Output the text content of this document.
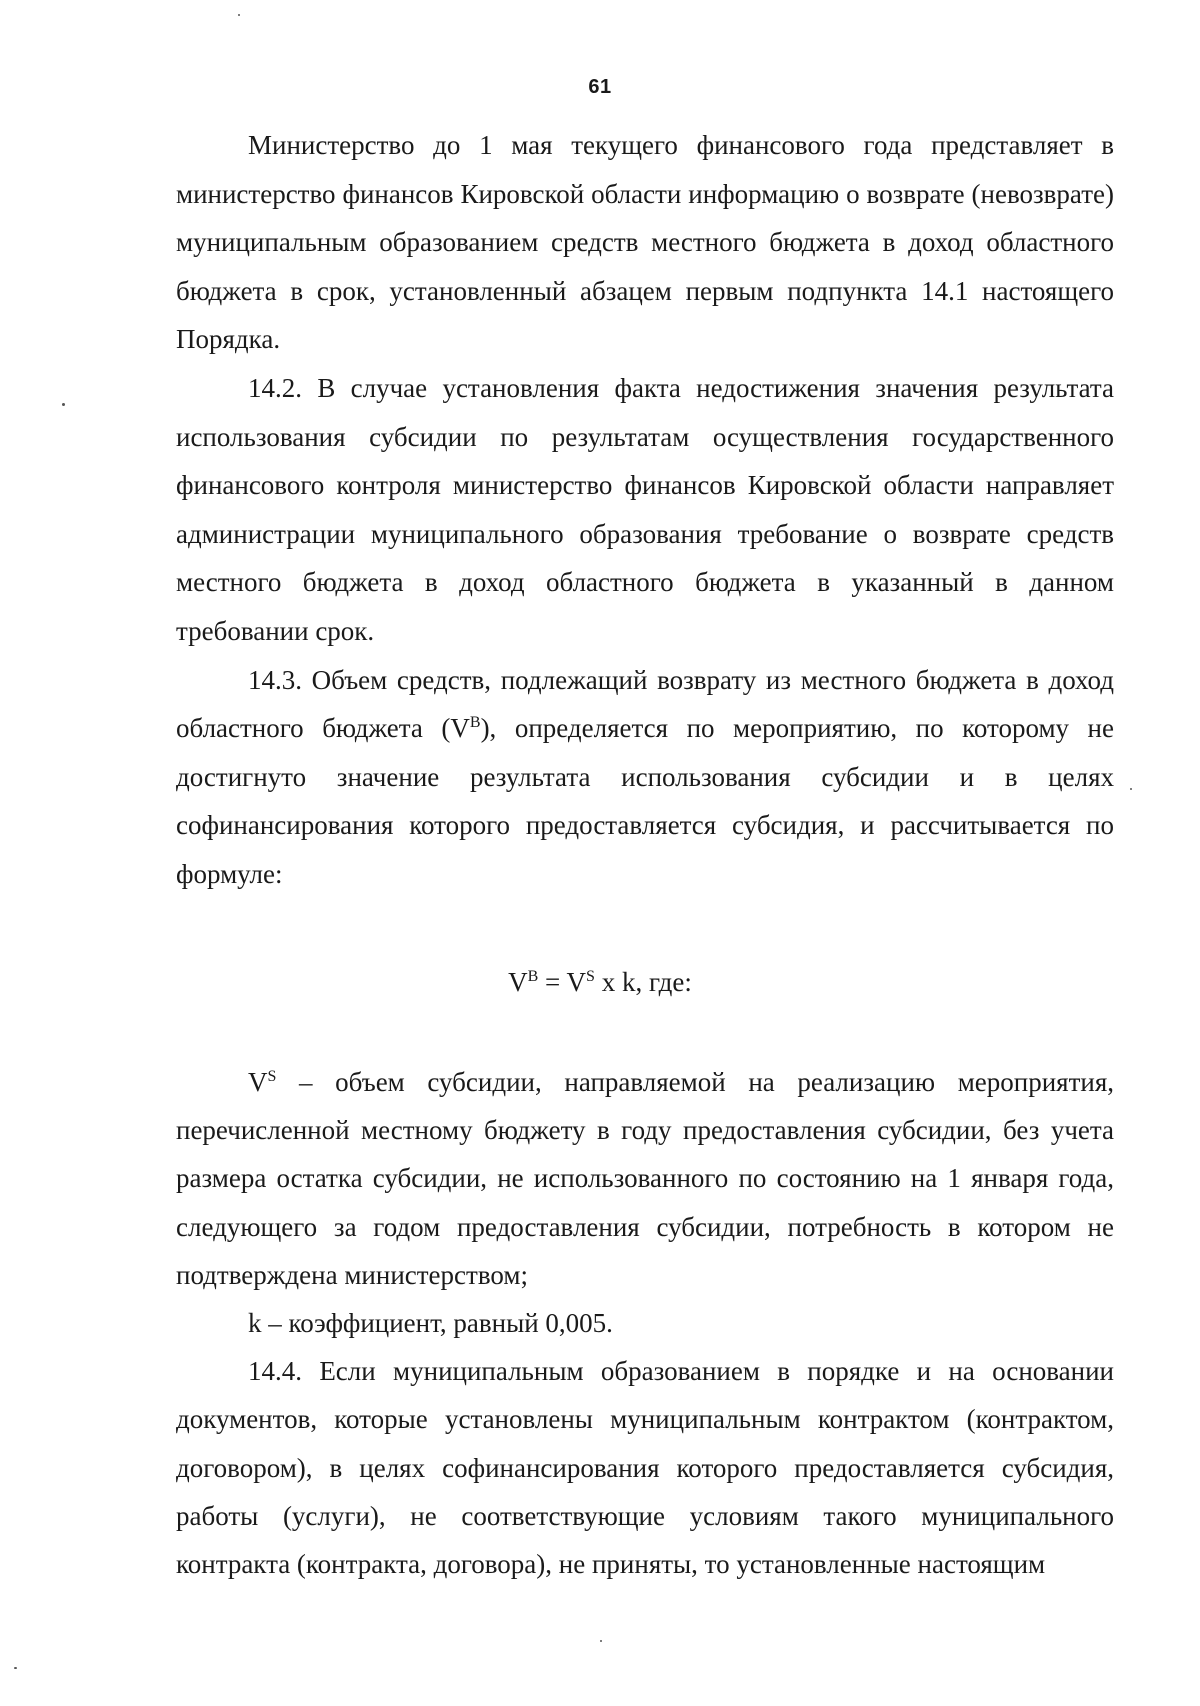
61

Министерство до 1 мая текущего финансового года представляет в министерство финансов Кировской области информацию о возврате (невозврате) муниципальным образованием средств местного бюджета в доход областного бюджета в срок, установленный абзацем первым подпункта 14.1 настоящего Порядка.

14.2. В случае установления факта недостижения значения результата использования субсидии по результатам осуществления государственного финансового контроля министерство финансов Кировской области направляет администрации муниципального образования требование о возврате средств местного бюджета в доход областного бюджета в указанный в данном требовании срок.

14.3. Объем средств, подлежащий возврату из местного бюджета в доход областного бюджета $(V^B)$, определяется по мероприятию, по которому не достигнуто значение результата использования субсидии и в целях софинансирования которого предоставляется субсидия, и рассчитывается по формуле:

$V^B = V^S$ x k, где:

$V^S$ – объем субсидии, направляемой на реализацию мероприятия, перечисленной местному бюджету в году предоставления субсидии, без учета размера остатка субсидии, не использованного по состоянию на 1 января года, следующего за годом предоставления субсидии, потребность в котором не подтверждена министерством;

k – коэффициент, равный 0,005.

14.4. Если муниципальным образованием в порядке и на основании документов, которые установлены муниципальным контрактом (контрактом, договором), в целях софинансирования которого предоставляется субсидия, работы (услуги), не соответствующие условиям такого муниципального контракта (контракта, договора), не приняты, то установленные настоящим
